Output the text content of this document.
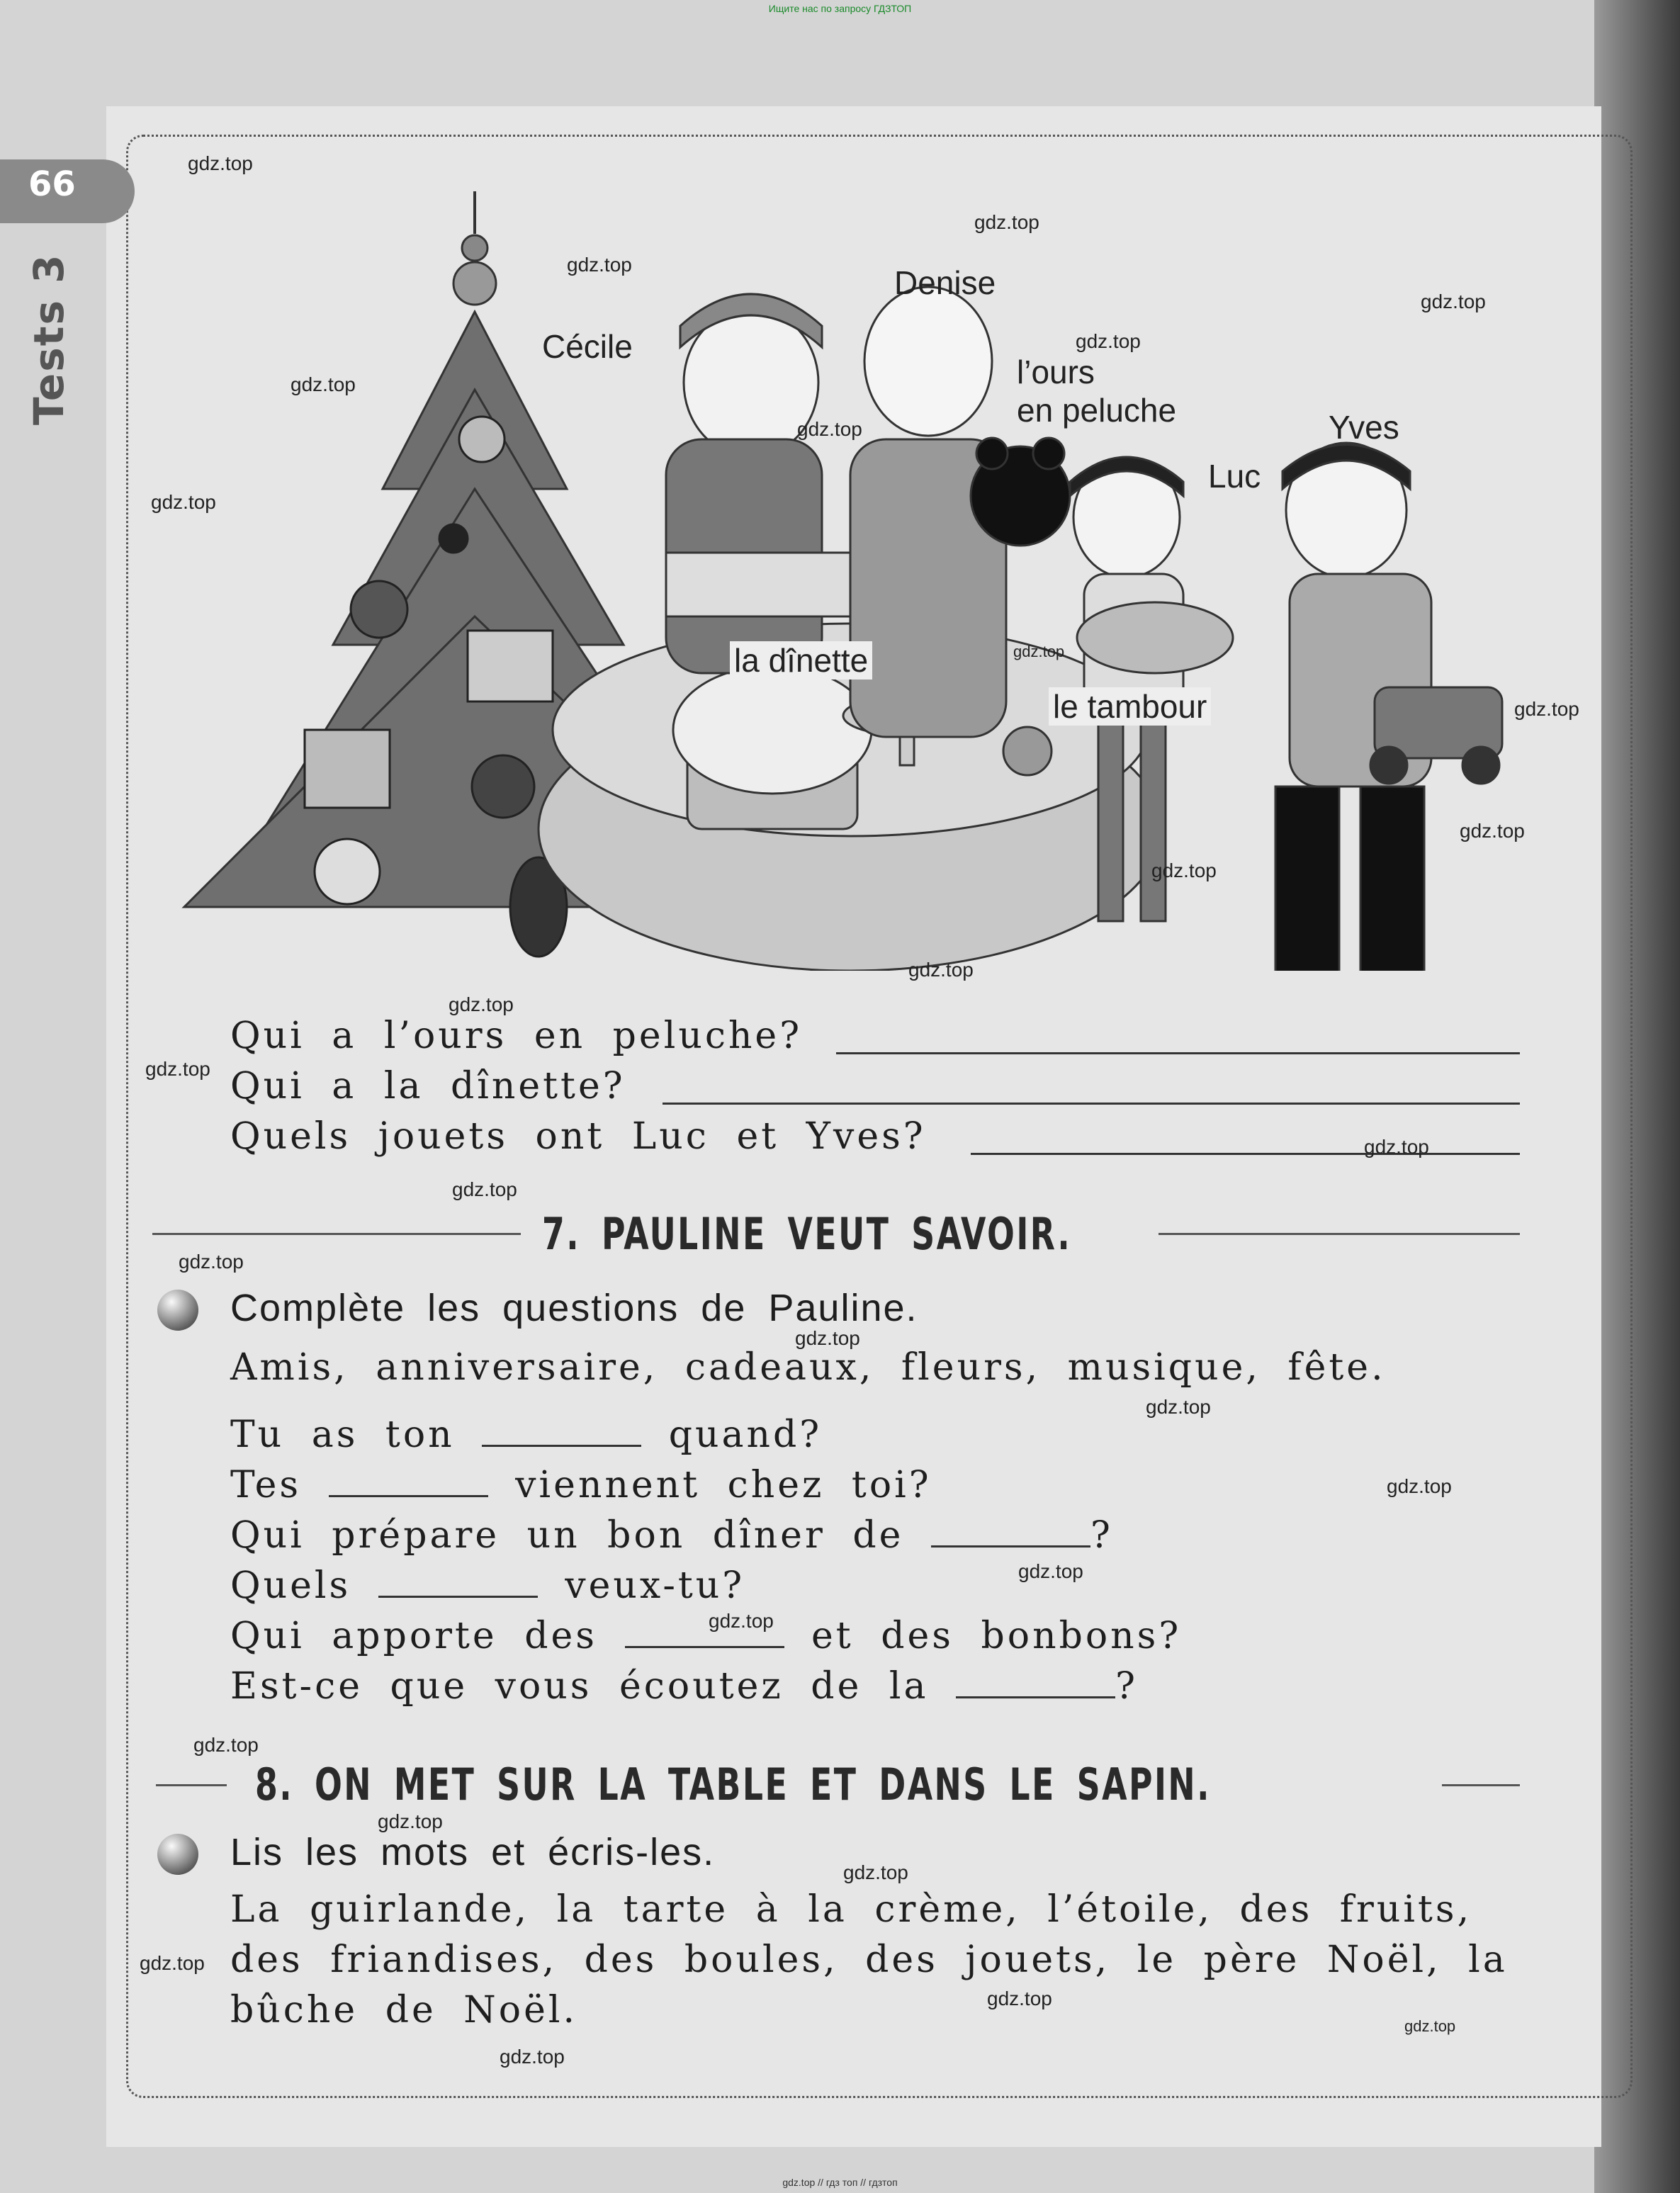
Ищите нас по запросу ГДЗТОП
66
Tests 3	Cécile
Denise
l’ours
en peluche	Yves
Luc
la dînette
le tambour
Qui a l’ours en peluche?
Qui a la dînette?
Quels jouets ont Luc et Yves?
7. PAULINE VEUT SAVOIR.
Complète les questions de Pauline.
Amis, anniversaire, cadeaux, fleurs, musique, fête.
Tu as ton	quand?
Tes	viennent chez toi?
Qui prépare un bon dîner de	?
Quels	veux-tu?
Qui apporte des	et des bonbons?
Est-ce que vous écoutez de la	?
8. ON MET SUR LA TABLE ET DANS LE SAPIN.
Lis les mots et écris-les.
La guirlande, la tarte à la crème, l’étoile, des fruits,
des friandises, des boules, des jouets, le père Noël, la
bûche de Noël.
gdz.top
gdz.top
gdz.top
gdz.top
gdz.top
gdz.top
gdz.top
gdz.top
gdz.top
gdz.top
gdz.top
gdz.top
gdz.top
gdz.top
gdz.top
gdz.top
gdz.top
gdz.top
gdz.top
gdz.top
gdz.top
gdz.top
gdz.top
gdz.top
gdz.top
gdz.top
gdz.top
gdz.top
gdz.top
gdz.top
gdz.top // гдз топ // гдзтоп
